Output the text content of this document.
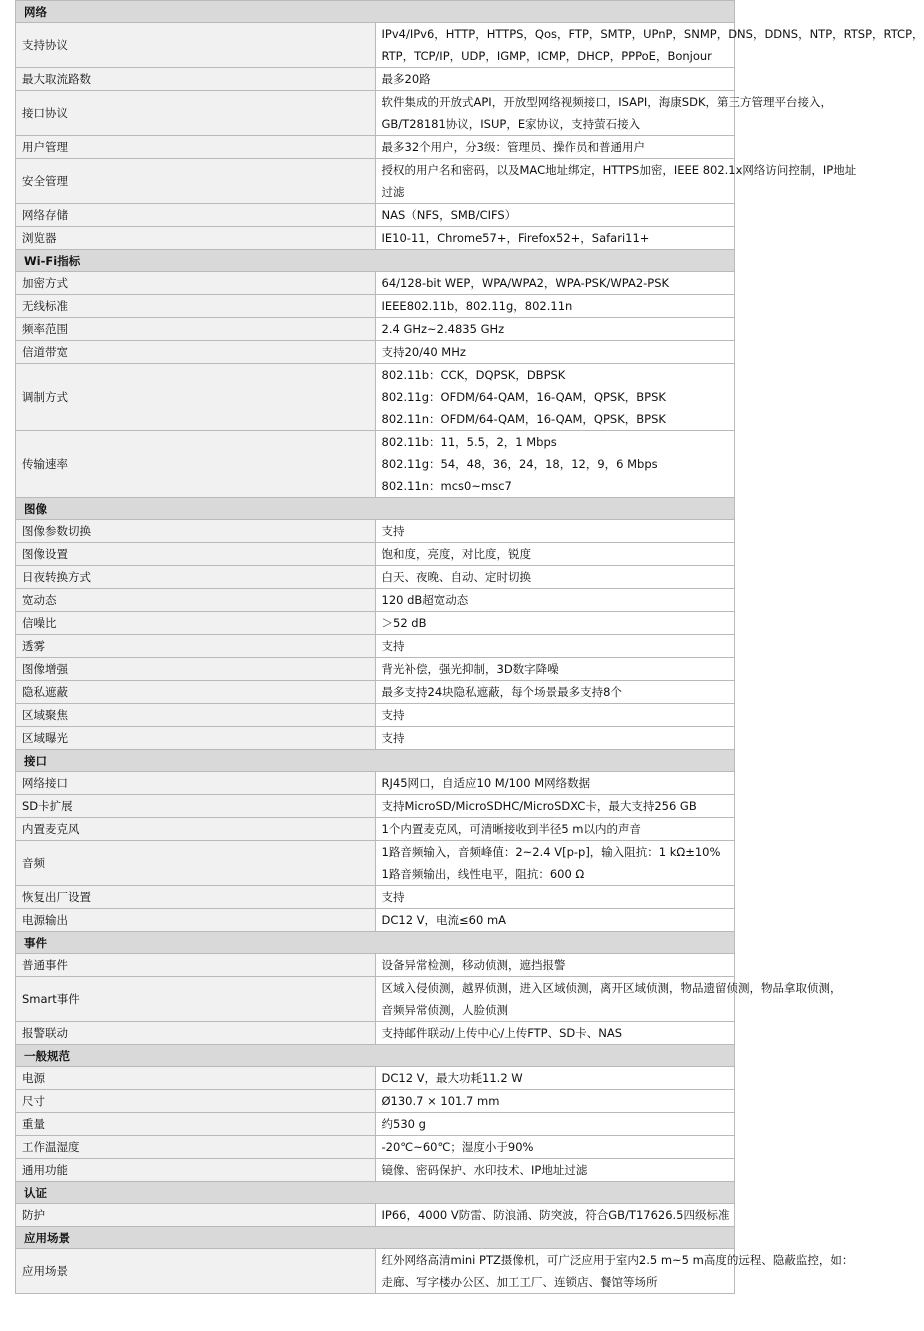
网络	
支持协议	IPv4/IPv6，HTTP，HTTPS，Qos，FTP，SMTP，UPnP，SNMP，DNS，DDNS，NTP，RTSP，RTCP，
RTP，TCP/IP，UDP，IGMP，ICMP，DHCP，PPPoE，Bonjour

最大取流路数	最多20路

接口协议	软件集成的开放式API，开放型网络视频接口，ISAPI，海康SDK，第三方管理平台接入，
GB/T28181协议，ISUP，E家协议，支持萤石接入

用户管理	最多32个用户，分3级：管理员、操作员和普通用户

安全管理	授权的用户名和密码，以及MAC地址绑定，HTTPS加密，IEEE 802.1x网络访问控制，IP地址
过滤

网络存储	NAS（NFS，SMB/CIFS）

浏览器	IE10-11，Chrome57+，Firefox52+，Safari11+

Wi-Fi指标	
加密方式	64/128-bit WEP，WPA/WPA2，WPA-PSK/WPA2-PSK

无线标准	IEEE802.11b，802.11g，802.11n

频率范围	2.4 GHz~2.4835 GHz

信道带宽	支持20/40 MHz

调制方式	802.11b：CCK，DQPSK，DBPSK
802.11g：OFDM/64-QAM，16-QAM，QPSK，BPSK
802.11n：OFDM/64-QAM，16-QAM，QPSK，BPSK

传输速率	802.11b：11，5.5，2，1 Mbps
802.11g：54，48，36，24，18，12，9，6 Mbps
802.11n：mcs0~msc7

图像	
图像参数切换	支持

图像设置	饱和度，亮度，对比度，锐度

日夜转换方式	白天、夜晚、自动、定时切换

宽动态	120 dB超宽动态

信噪比	＞52 dB

透雾	支持

图像增强	背光补偿，强光抑制，3D数字降噪

隐私遮蔽	最多支持24块隐私遮蔽，每个场景最多支持8个

区域聚焦	支持

区域曝光	支持

接口	
网络接口	RJ45网口，自适应10 M/100 M网络数据

SD卡扩展	支持MicroSD/MicroSDHC/MicroSDXC卡，最大支持256 GB

内置麦克风	1个内置麦克风，可清晰接收到半径5 m以内的声音

音频	1路音频输入，音频峰值：2~2.4 V[p-p]，输入阻抗：1 kΩ±10%
1路音频输出，线性电平，阻抗：600 Ω

恢复出厂设置	支持

电源输出	DC12 V，电流≤60 mA

事件	
普通事件	设备异常检测，移动侦测，遮挡报警

Smart事件	区域入侵侦测，越界侦测，进入区域侦测，离开区域侦测，物品遗留侦测，物品拿取侦测，
音频异常侦测，人脸侦测

报警联动	支持邮件联动/上传中心/上传FTP、SD卡、NAS

一般规范	
电源	DC12 V，最大功耗11.2 W

尺寸	Ø130.7 × 101.7 mm

重量	约530 g

工作温湿度	-20℃~60℃；湿度小于90%

通用功能	镜像、密码保护、水印技术、IP地址过滤

认证	
防护	IP66，4000 V防雷、防浪涌、防突波，符合GB/T17626.5四级标准

应用场景	
应用场景	红外网络高清mini PTZ摄像机，可广泛应用于室内2.5 m~5 m高度的远程、隐蔽监控，如：
走廊、写字楼办公区、加工工厂、连锁店、餐馆等场所
